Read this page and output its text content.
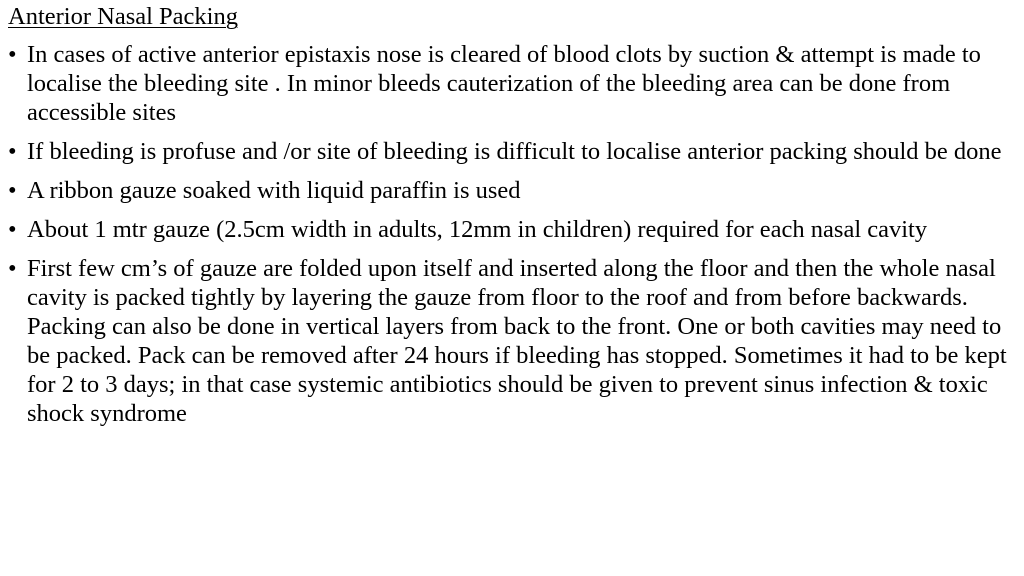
Anterior Nasal Packing
• In cases of active anterior epistaxis nose is cleared of blood clots by suction & attempt is made to localise the bleeding site . In minor bleeds cauterization of the bleeding area can be done from accessible sites
• If bleeding is profuse and /or site of bleeding is difficult to localise anterior packing should be done
• A ribbon gauze soaked with liquid paraffin is used
• About 1 mtr gauze (2.5cm width in adults, 12mm in children) required for each nasal cavity
• First few cm’s of gauze are folded upon itself and inserted along the floor and then the whole nasal cavity is packed tightly by layering the gauze from floor to the roof and from before backwards. Packing can also be done in vertical layers from back to the front. One or both cavities may need to be packed. Pack can be removed after 24 hours if bleeding has stopped. Sometimes it had to be kept for 2 to 3 days; in that case systemic antibiotics should be given to prevent sinus infection & toxic shock syndrome
